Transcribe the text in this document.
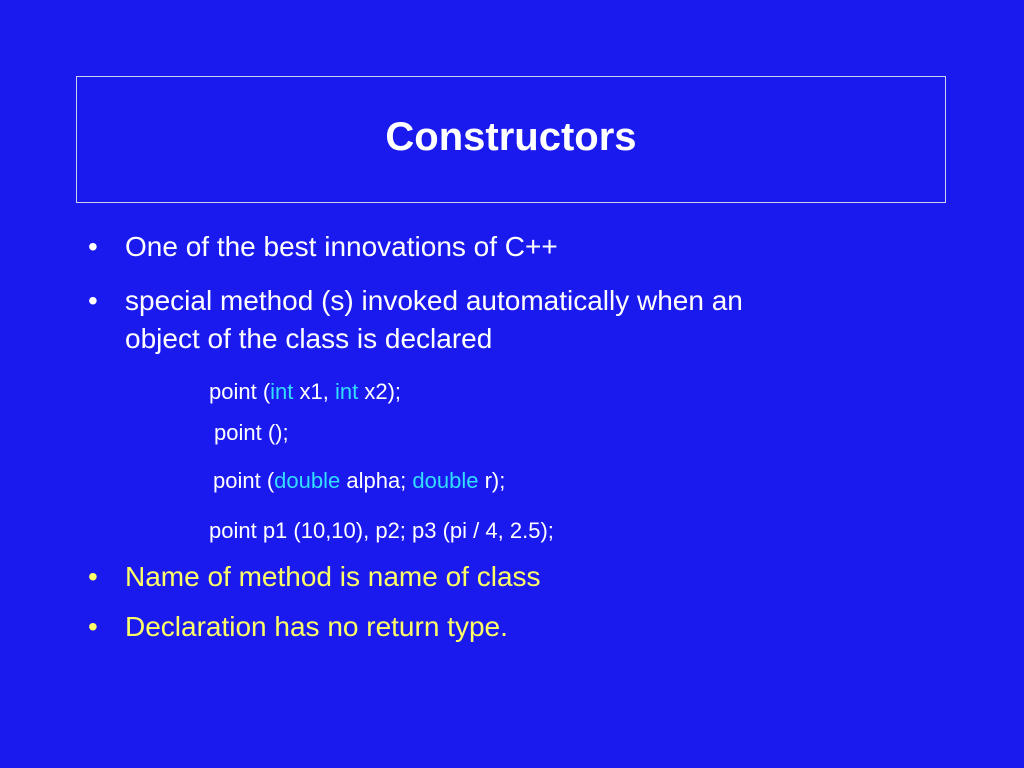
Constructors
• One of the best innovations of C++
• special method (s) invoked automatically when an
object of the class is declared
point (int x1, int x2);
point ();
point (double alpha; double r);
point p1 (10,10), p2; p3 (pi / 4, 2.5);
• Name of method is name of class
• Declaration has no return type.
